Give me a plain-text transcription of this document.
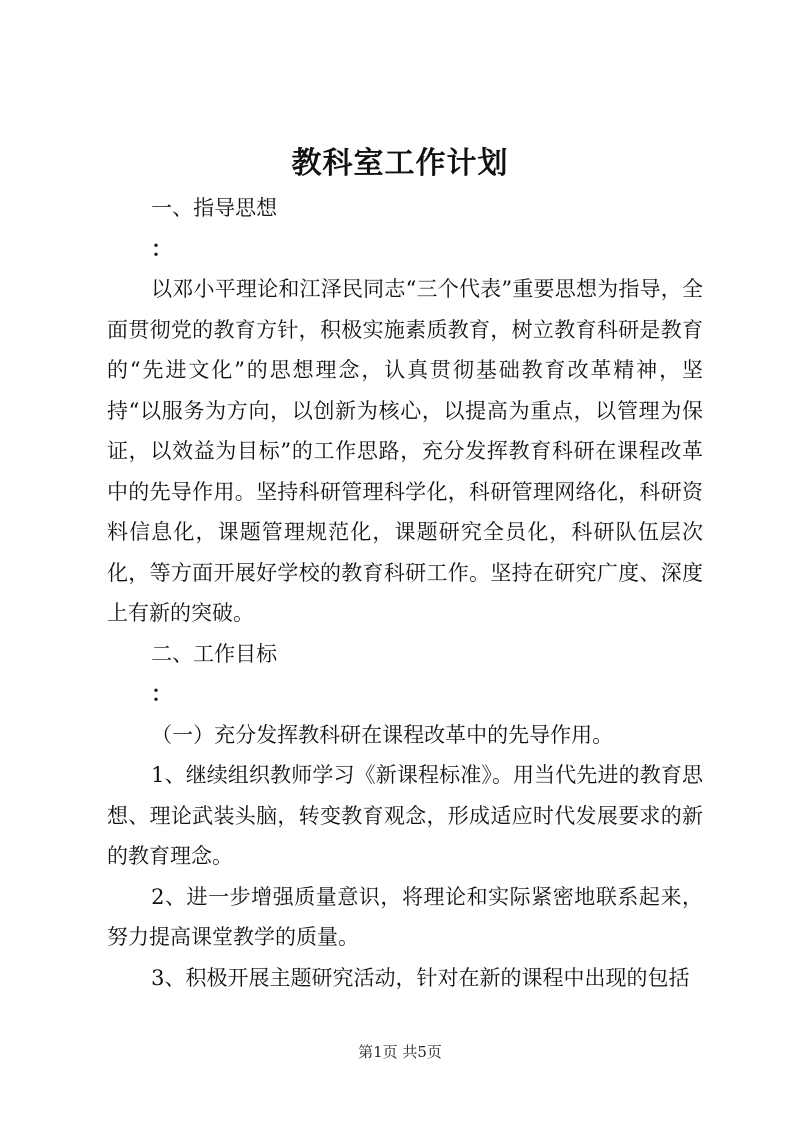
教科室工作计划

一、指导思想

：

以邓小平理论和江泽民同志“三个代表”重要思想为指导，全面贯彻党的教育方针，积极实施素质教育，树立教育科研是教育的“先进文化”的思想理念，认真贯彻基础教育改革精神，坚持“以服务为方向，以创新为核心，以提高为重点，以管理为保证，以效益为目标”的工作思路，充分发挥教育科研在课程改革中的先导作用。坚持科研管理科学化，科研管理网络化，科研资料信息化，课题管理规范化，课题研究全员化，科研队伍层次化，等方面开展好学校的教育科研工作。坚持在研究广度、深度上有新的突破。

二、工作目标

：

（一）充分发挥教科研在课程改革中的先导作用。

1、继续组织教师学习《新课程标准》。用当代先进的教育思想、理论武装头脑，转变教育观念，形成适应时代发展要求的新的教育理念。

2、进一步增强质量意识，将理论和实际紧密地联系起来，努力提高课堂教学的质量。

3、积极开展主题研究活动，针对在新的课程中出现的包括

第1页 共5页
